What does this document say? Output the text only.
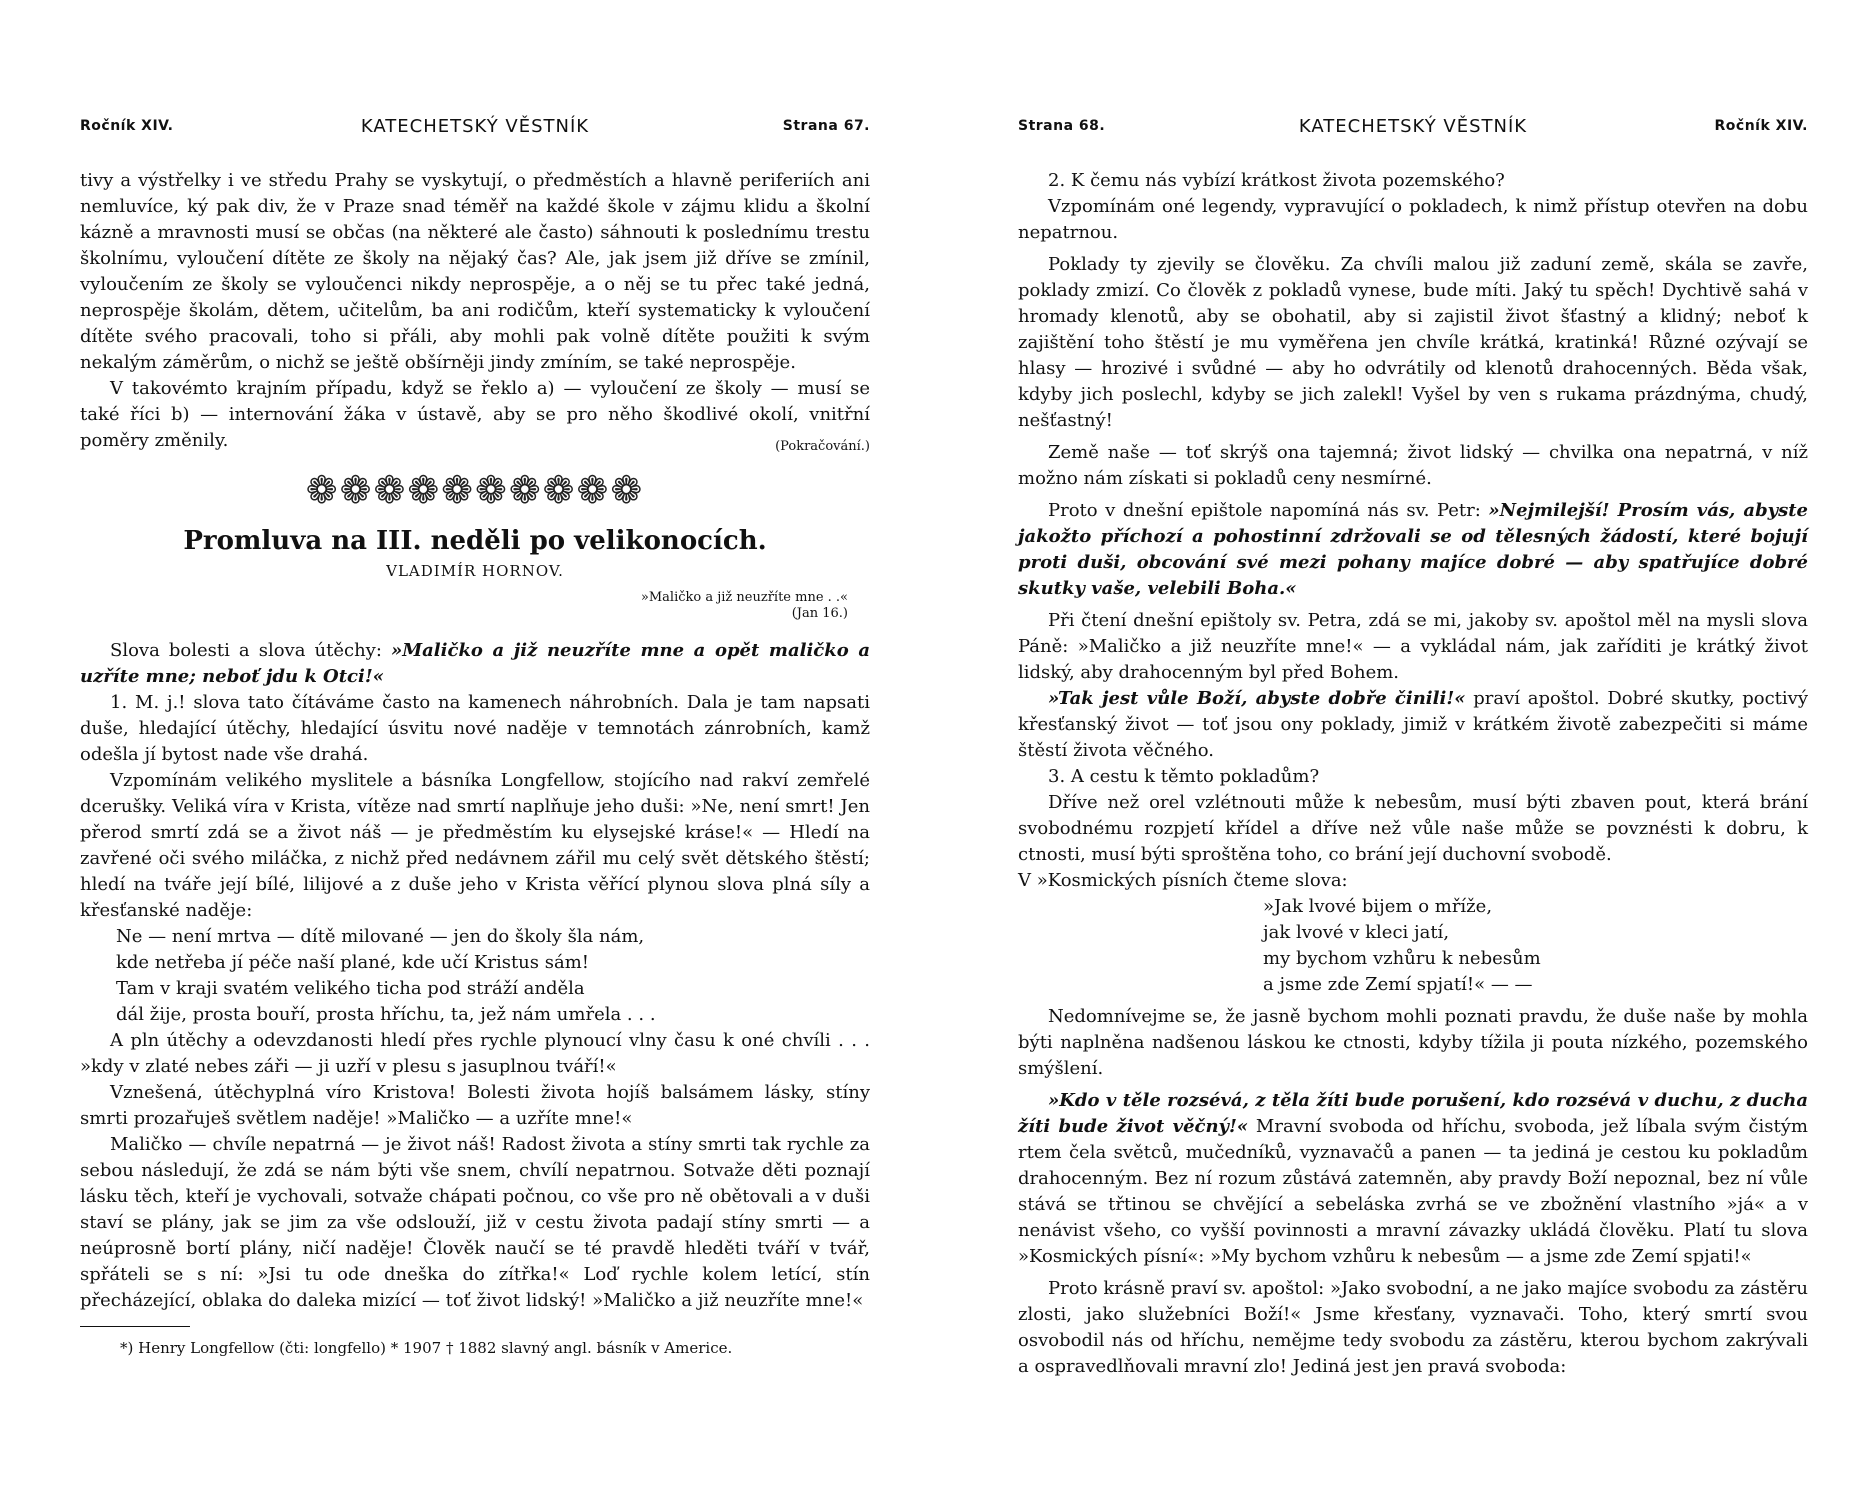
Ročník XIV.	KATECHETSKÝ VĚSTNÍK	Strana 67.

tivy a výstřelky i ve středu Prahy se vyskytují, o předměstích a hlavně periferiích ani nemluvíce, ký pak div, že v Praze snad téměř na každé škole v zájmu klidu a školní kázně a mravnosti musí se občas (na některé ale často) sáhnouti k poslednímu trestu školnímu, vyloučení dítěte ze školy na nějaký čas? Ale, jak jsem již dříve se zmínil, vyloučením ze školy se vyloučenci nikdy neprospěje, a o něj se tu přec také jedná, neprospěje školám, dětem, učitelům, ba ani rodičům, kteří systematicky k vyloučení dítěte svého pracovali, toho si přáli, aby mohli pak volně dítěte použiti k svým nekalým záměrům, o nichž se ještě obšírněji jindy zmíním, se také neprospěje.

V takovémto krajním případu, když se řeklo a) — vyloučení ze školy — musí se také říci b) — internování žáka v ústavě, aby se pro něho škodlivé okolí, vnitřní poměry změnily.	(Pokračování.)
❁❁❁❁❁❁❁❁❁❁
Promluva na III. neděli po velikonocích.
VLADIMÍR HORNOV.
»Maličko a již neuzříte mne . .«
(Jan 16.)

Slova bolesti a slova útěchy: »Maličko a již neuzříte mne a opět maličko a uzříte mne; neboť jdu k Otci!«

1. M. j.! slova tato čítáváme často na kamenech náhrobních. Dala je tam napsati duše, hledající útěchy, hledající úsvitu nové naděje v temnotách zánrobních, kamž odešla jí bytost nade vše drahá.

Vzpomínám velikého myslitele a básníka Longfellow, stojícího nad rakví zemřelé dcerušky. Veliká víra v Krista, vítěze nad smrtí naplňuje jeho duši: »Ne, není smrt! Jen přerod smrtí zdá se a život náš — je předměstím ku elysejské kráse!« — Hledí na zavřené oči svého miláčka, z nichž před nedávnem zářil mu celý svět dětského štěstí; hledí na tváře její bílé, lilijové a z duše jeho v Krista věřící plynou slova plná síly a křesťanské naděje:

Ne — není mrtva — dítě milované — jen do školy šla nám,
kde netřeba jí péče naší plané, kde učí Kristus sám!
Tam v kraji svatém velikého ticha pod stráží anděla
dál žije, prosta bouří, prosta hříchu, ta, jež nám umřela . . .

A pln útěchy a odevzdanosti hledí přes rychle plynoucí vlny času k oné chvíli . . . »kdy v zlaté nebes záři — ji uzří v plesu s jasuplnou tváří!«

Vznešená, útěchyplná víro Kristova! Bolesti života hojíš balsámem lásky, stíny smrti prozařuješ světlem naděje! »Maličko — a uzříte mne!«

Maličko — chvíle nepatrná — je život náš! Radost života a stíny smrti tak rychle za sebou následují, že zdá se nám býti vše snem, chvílí nepatrnou. Sotvaže děti poznají lásku těch, kteří je vychovali, sotvaže chápati počnou, co vše pro ně obětovali a v duši staví se plány, jak se jim za vše odslouží, již v cestu života padají stíny smrti — a neúprosně bortí plány, ničí naděje! Člověk naučí se té pravdě hleděti tváří v tvář, spřáteli se s ní: »Jsi tu ode dneška do zítřka!« Loď rychle kolem letící, stín přecházející, oblaka do daleka mizící — toť život lidský! »Maličko a již neuzříte mne!«

*) Henry Longfellow (čti: longfello) * 1907 † 1882 slavný angl. básník v Americe.
Strana 68.	KATECHETSKÝ VĚSTNÍK	Ročník XIV.

2. K čemu nás vybízí krátkost života pozemského?

Vzpomínám oné legendy, vypravující o pokladech, k nimž přístup otevřen na dobu nepatrnou.

Poklady ty zjevily se člověku. Za chvíli malou již zaduní země, skála se zavře, poklady zmizí. Co člověk z pokladů vynese, bude míti. Jaký tu spěch! Dychtivě sahá v hromady klenotů, aby se obohatil, aby si zajistil život šťastný a klidný; neboť k zajištění toho štěstí je mu vyměřena jen chvíle krátká, kratinká! Různé ozývají se hlasy — hrozivé i svůdné — aby ho odvrátily od klenotů drahocenných. Běda však, kdyby jich poslechl, kdyby se jich zalekl! Vyšel by ven s rukama prázdnýma, chudý, nešťastný!

Země naše — toť skrýš ona tajemná; život lidský — chvilka ona nepatrná, v níž možno nám získati si pokladů ceny nesmírné.

Proto v dnešní epištole napomíná nás sv. Petr: »Nejmilejší! Prosím vás, abyste jakožto příchozí a pohostinní zdržovali se od tělesných žádostí, které bojují proti duši, obcování své mezi pohany majíce dobré — aby spatřujíce dobré skutky vaše, velebili Boha.«

Při čtení dnešní epištoly sv. Petra, zdá se mi, jakoby sv. apoštol měl na mysli slova Páně: »Maličko a již neuzříte mne!« — a vykládal nám, jak zaříditi je krátký život lidský, aby drahocenným byl před Bohem.

»Tak jest vůle Boží, abyste dobře činili!« praví apoštol. Dobré skutky, poctivý křesťanský život — toť jsou ony poklady, jimiž v krátkém životě zabezpečiti si máme štěstí života věčného.

3. A cestu k těmto pokladům?

Dříve než orel vzlétnouti může k nebesům, musí býti zbaven pout, která brání svobodnému rozpjetí křídel a dříve než vůle naše může se povznésti k dobru, k ctnosti, musí býti sproštěna toho, co brání její duchovní svobodě.

V »Kosmických písních čteme slova:

»Jak lvové bijem o mříže,
jak lvové v kleci jatí,
my bychom vzhůru k nebesům
a jsme zde Zemí spjatí!« — —

Nedomnívejme se, že jasně bychom mohli poznati pravdu, že duše naše by mohla býti naplněna nadšenou láskou ke ctnosti, kdyby tížila ji pouta nízkého, pozemského smýšlení.

»Kdo v těle rozsévá, z těla žíti bude porušení, kdo rozsévá v duchu, z ducha žíti bude život věčný!« Mravní svoboda od hříchu, svoboda, jež líbala svým čistým rtem čela světců, mučedníků, vyznavačů a panen — ta jediná je cestou ku pokladům drahocenným. Bez ní rozum zůstává zatemněn, aby pravdy Boží nepoznal, bez ní vůle stává se třtinou se chvějící a sebeláska zvrhá se ve zbožnění vlastního »já« a v nenávist všeho, co vyšší povinnosti a mravní závazky ukládá člověku. Platí tu slova »Kosmických písní«: »My bychom vzhůru k nebesům — a jsme zde Zemí spjati!«

Proto krásně praví sv. apoštol: »Jako svobodní, a ne jako majíce svobodu za zástěru zlosti, jako služebníci Boží!« Jsme křesťany, vyznavači. Toho, který smrtí svou osvobodil nás od hříchu, nemějme tedy svobodu za zástěru, kterou bychom zakrývali a ospravedlňovali mravní zlo! Jediná jest jen pravá svoboda:
